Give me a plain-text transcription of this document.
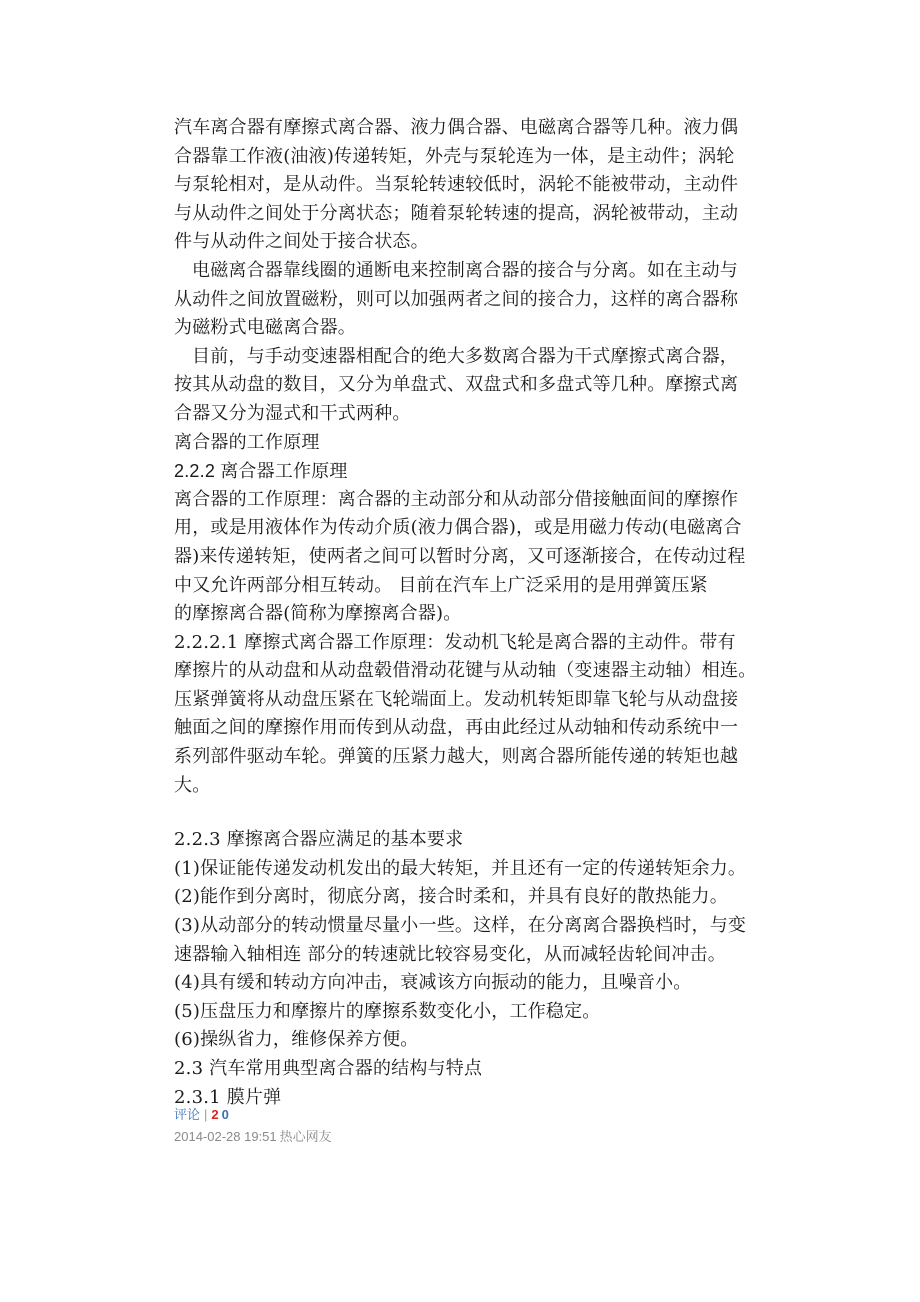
汽车离合器有摩擦式离合器、液力偶合器、电磁离合器等几种。液力偶
合器靠工作液(油液)传递转矩，外壳与泵轮连为一体，是主动件；涡轮
与泵轮相对，是从动件。当泵轮转速较低时，涡轮不能被带动，主动件
与从动件之间处于分离状态；随着泵轮转速的提高，涡轮被带动，主动
件与从动件之间处于接合状态。
电磁离合器靠线圈的通断电来控制离合器的接合与分离。如在主动与
从动件之间放置磁粉，则可以加强两者之间的接合力，这样的离合器称
为磁粉式电磁离合器。
目前，与手动变速器相配合的绝大多数离合器为干式摩擦式离合器，
按其从动盘的数目，又分为单盘式、双盘式和多盘式等几种。摩擦式离
合器又分为湿式和干式两种。
离合器的工作原理
2.2.2 离合器工作原理
离合器的工作原理：离合器的主动部分和从动部分借接触面间的摩擦作
用，或是用液体作为传动介质(液力偶合器)，或是用磁力传动(电磁离合
器)来传递转矩，使两者之间可以暂时分离，又可逐渐接合，在传动过程
中又允许两部分相互转动。 目前在汽车上广泛采用的是用弹簧压紧
的摩擦离合器(简称为摩擦离合器)。
2.2.2.1 摩擦式离合器工作原理：发动机飞轮是离合器的主动件。带有
摩擦片的从动盘和从动盘毂借滑动花键与从动轴（变速器主动轴）相连。
压紧弹簧将从动盘压紧在飞轮端面上。发动机转矩即靠飞轮与从动盘接
触面之间的摩擦作用而传到从动盘，再由此经过从动轴和传动系统中一
系列部件驱动车轮。弹簧的压紧力越大，则离合器所能传递的转矩也越
大。
2.2.3 摩擦离合器应满足的基本要求
(1)保证能传递发动机发出的最大转矩，并且还有一定的传递转矩余力。
(2)能作到分离时，彻底分离，接合时柔和，并具有良好的散热能力。
(3)从动部分的转动惯量尽量小一些。这样，在分离离合器换档时，与变
速器输入轴相连 部分的转速就比较容易变化，从而减轻齿轮间冲击。
(4)具有缓和转动方向冲击，衰减该方向振动的能力，且噪音小。
(5)压盘压力和摩擦片的摩擦系数变化小，工作稳定。
(6)操纵省力，维修保养方便。
2.3 汽车常用典型离合器的结构与特点
2.3.1 膜片弹
评论 | 2 0
2014-02-28 19:51 热心网友
